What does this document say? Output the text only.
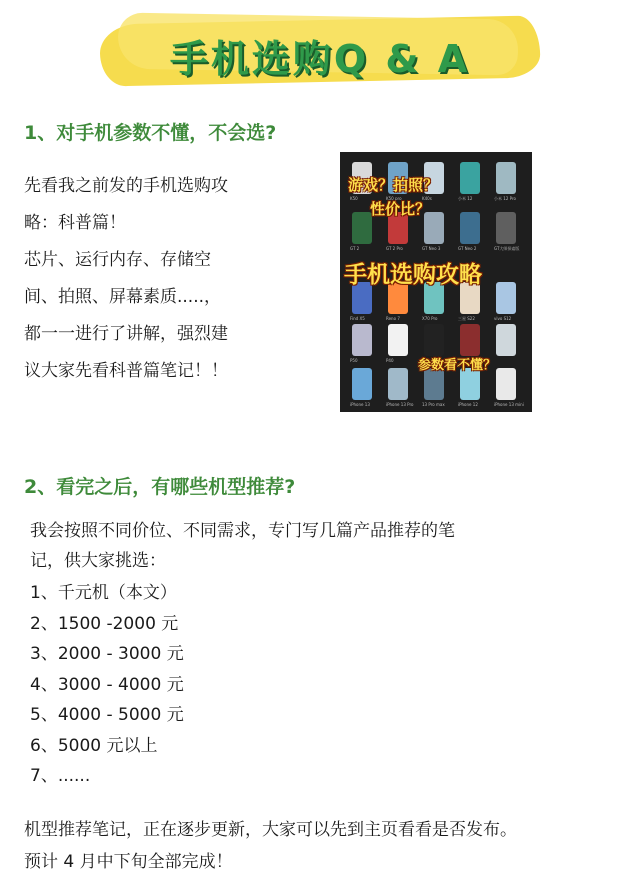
手机选购Q & A
1、对手机参数不懂，不会选?
先看我之前发的手机选购攻
略：科普篇！
芯片、运行内存、存储空
间、拍照、屏幕素质.....，
都一一进行了讲解，强烈建
议大家先看科普篇笔记！！
iPhone 13 mini
iPhone 12
13 Pro max
iPhone 13 Pro
iPhone 13
P40
P50
vivo S12
三星 S22
X70 Pro
Reno 7
Find X5
GT大师探索版
GT Neo 2
GT Neo 3
GT 2 Pro
GT 2
小米 12 Pro
小米 12
K40s
K50 pro
K50
游戏？拍照？
性价比？
手机选购攻略
参数看不懂？
2、看完之后，有哪些机型推荐?
我会按照不同价位、不同需求，专门写几篇产品推荐的笔
记，供大家挑选：
1、千元机（本文）
2、1500 -2000 元
3、2000 - 3000 元
4、3000 - 4000 元
5、4000 - 5000 元
6、5000 元以上
7、......
机型推荐笔记，正在逐步更新，大家可以先到主页看看是否发布。
预计 4 月中下旬全部完成！
